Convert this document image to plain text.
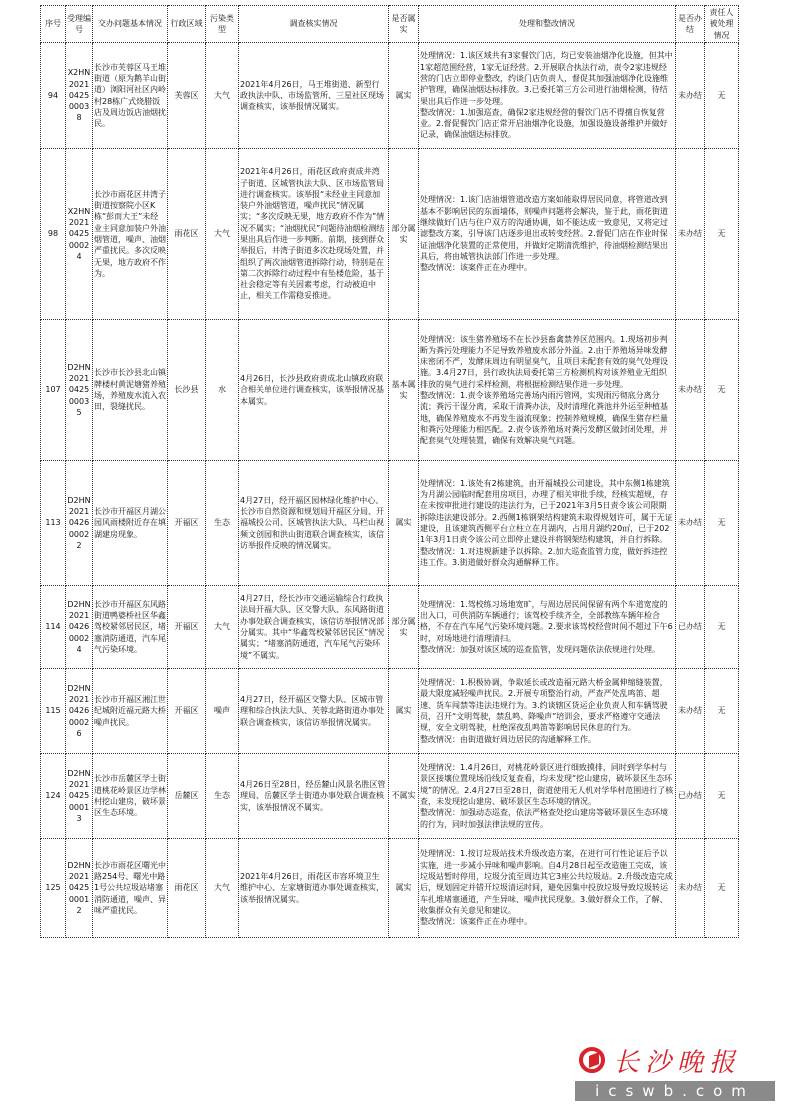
序号	受理编号	交办问题基本情况	行政区域	污染类型	调查核实情况	是否属实	处理和整改情况	是否办结	责任人被处理情况
94	X2HN2021042500038	长沙市芙蓉区马王堆街道（原为鹅羊山街道）浏阳河社区内岭村28栋广式烧腊饭店及周边饭店油烟扰民。	芙蓉区	大气	2021年4月26日，马王堆街道、新型行政执法中队、市场监管所、三星社区现场调查核实，该举报情况属实。	属实	处理情况：1.该区域共有3家餐饮门店，均已安装油烟净化设施，但其中1家超范围经营，1家无证经营。2.开展联合执法行动，责令2家违规经营的门店立即停业整改，约谈门店负责人，督促其加强油烟净化设施维护管理，确保油烟达标排放。3.已委托第三方公司进行油烟检测，待结果出具后作进一步处理。
整改情况：1.加强巡查，确保2家违规经营的餐饮门店不得擅自恢复营业。2.督促餐饮门店正常开启油烟净化设施，加强设施设备维护并做好记录，确保油烟达标排放。	未办结	无
98	X2HN2021042500024	长沙市雨花区井湾子街道按察院小区K栋“彭而大王”未经业主同意加装户外油烟管道，噪声、油烟严重扰民。多次反映无果，地方政府不作为。	雨花区	大气	2021年4月26日，雨花区政府责成井湾子街道、区城管执法大队、区市场监管局进行调查核实。该举报“未经业主同意加装户外油烟管道，噪声扰民”情况属实；“多次反映无果，地方政府不作为”情况不属实；“油烟扰民”问题待油烟检测结果出具后作进一步判断。前期，接到群众举报后，井湾子街道多次赴现场处置，并组织了两次油烟管道拆除行动，特别是在第二次拆除行动过程中有坠楼危险，基于社会稳定等有关因素考虑，行动被迫中止，相关工作需稳妥推进。	部分属实	处理情况：1.该门店油烟管道改造方案如能取得居民同意，将管道改到基本不影响居民的东面墙体，则噪声问题将会解决，鉴于此，雨花街道继续做好门店与住户双方的沟通协调，如不能达成一致意见，又将定过滤整改方案，引导该门店逐步退出或转变经营。2.督促门店在作业时保证油烟净化装置的正常使用，并做好定期清洗维护，待油烟检测结果出具后，将由城管执法部门作进一步处理。
整改情况：该案件正在办理中。	未办结	无
107	D2HN2021042500035	长沙市长沙县北山镇牌楼村黄泥塘猪养殖场，养殖废水流入农田，裂缝扰民。	长沙县	水	4月26日，长沙县政府责成北山镇政府联合相关单位进行调查核实，该举报情况基本属实。	基本属实	处理情况：该生猪养殖场不在长沙县畜禽禁养区范围内。1.现场初步判断为粪污处理能力不足导致养殖废水部分外溢。2.由于养殖场异味发酵床密闭不严，发酵床周边有明显臭气，且项目未配套有效的臭气处理设施。3.4月27日，县行政执法局委托第三方检测机构对该养殖业无组织排放的臭气进行采样检测，将根据检测结果作进一步处理。
整改情况：1.责令该养殖场完善场内雨污管网，实现雨污彻底分离分流；粪污干湿分离，采取干清粪办法，及时清理化粪池并外运至种植基地，确保养殖废水不再发生溢流现象；控制养殖规模，确保生猪存栏量和粪污处理能力相匹配。2.责令该养殖场对粪污发酵区做封闭处理，并配套臭气处理装置，确保有效解决臭气问题。	未办结	无
113	D2HN2021042600022	长沙市开福区月湖公园风雨楼附近存在填湖建房现象。	开福区	生态	4月27日，经开福区园林绿化维护中心、长沙市自然资源和规划局开福区分局、开福城投公司、区城管执法大队、马栏山视频文创园和洪山街道联合调查核实，该信访举报件反映的情况属实。	属实	处理情况：1.该处有2栋建筑，由开福城投公司建设，其中东侧1栋建筑为月湖公园临时配套用房项目，办理了相关审批手续，经核实超规，存在未按审批进行建设的违法行为，已于2021年3月5日责令该公司限期拆除违法建设部分。2.西侧1栋钢架结构建筑未取得规划许可，属于无证建设，且该建筑西侧平台立柱立在月湖内，占用月湖约20㎡，已于2021年3月1日责令该公司立即停止建设并将钢架结构建筑，并自行拆除。
整改情况：1.对违规新建予以拆除。2.加大巡查监管力度，做好拆违控违工作。3.街道做好群众沟通解释工作。	未办结	无
114	D2HN2021042600024	长沙市开福区东风路街道鸭婆桥社区华鑫驾校紧邻居民区，堵塞消防通道，汽车尾气污染环境。	开福区	大气	4月27日，经长沙市交通运输综合行政执法局开福大队、区交警大队、东风路街道办事处联合调查核实，该信访举报情况部分属实。其中“华鑫驾校紧邻居民区”情况属实；“堵塞消防通道，汽车尾气污染环境”不属实。	部分属实	处理情况：1.驾校练习场地宽旷，与周边居民间保留有两个车道宽度的出入口，可供消防车辆通行；该驾校手续齐全，全部教练车辆年检合格，不存在汽车尾气污染环境问题。2.要求该驾校经营时间不超过下午6时，对场地进行清理清扫。
整改情况：加强对该区域的巡查监管，发现问题依法依规进行处理。	已办结	无
115	D2HN2021042600026	长沙市开福区湘江世纪城附近福元路大桥噪声扰民。	开福区	噪声	4月27日，经开福区交警大队、区城市管理和综合执法大队、芙蓉北路街道办事处联合调查核实，该信访举报情况属实。	属实	处理情况：1.积极协调，争取延长或改造福元路大桥金属伸缩缝装置，最大限度减轻噪声扰民。2.开展专项整治行动，严查严处乱鸣笛、超速、货车闯禁等违法违规行为。3.约谈辖区货运企业负责人和车辆驾驶员，召开“文明驾驶，禁乱鸣、降噪声”培训会，要求严格遵守交通法规，安全文明驾驶，杜绝深夜乱鸣笛等影响居民休息的行为。
整改情况：由街道做好周边居民的沟通解释工作。	未办结	无
124	D2HN2021042500013	长沙市岳麓区学士街道桃花岭景区边学林村挖山建房，破坏景区生态环境。	岳麓区	生态	4月26日至28日，经岳麓山风景名胜区管理局、岳麓区学士街道办事处联合调查核实，该举报情况不属实。	不属实	处理情况：1.4月26日，对桃花岭景区进行细致摸排，同时到学华村与景区接壤位置现场沿线反复查看，均未发现“挖山建房，破坏景区生态环境”的情况。2.4月27日至28日，街道使用无人机对学华村范围进行了核查，未发现挖山建房、破坏景区生态环境的情况。
整改情况：加强动态巡查，依法严格查处挖山建房等破坏景区生态环境的行为，同时加强法律法规的宣传。	已办结	无
125	D2HN2021042500012	长沙市雨花区曙光中路254号、曙光中路1号公共垃圾站堵塞消防通道，噪声、异味严重扰民。	雨花区	大气	2021年4月26日，雨花区市容环境卫生维护中心、左家塘街道办事处调查核实，该举报情况属实。	属实	处理情况：1.按订垃圾站技术升级改造方案，在进行可行性论证后予以实施，进一步减小异味和噪声影响。自4月28日起至改造施工完成，该垃圾站暂时停用，垃圾分流至周边其它3座公共垃圾站。2.升级改造完成后，规划固定并错开垃圾清运时间，避免因集中投放垃圾导致垃圾转运车扎堆堵塞通道，产生异味、噪声扰民现象。3.做好群众工作，了解、收集群众有关意见和建议。
整改情况：该案件正在办理中。	未办结	无
长沙晚报
icswb.com
